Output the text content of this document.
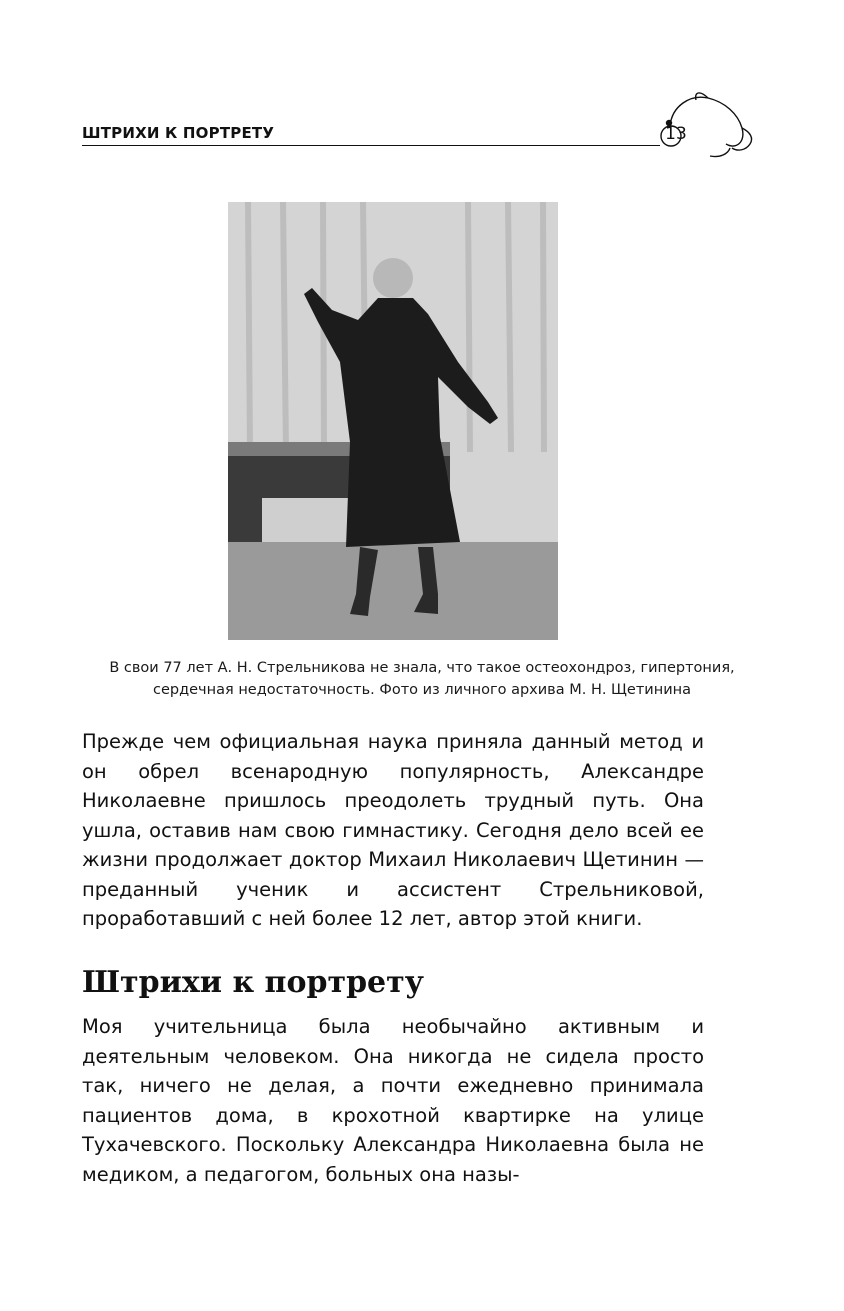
ШТРИХИ К ПОРТРЕТУ	13
В свои 77 лет А. Н. Стрельникова не знала, что такое остеохондроз, гипертония,
сердечная недостаточность. Фото из личного архива М. Н. Щетинина

Прежде чем официальная наука приняла данный метод и он обрел всенародную популярность, Александре Николаевне пришлось преодолеть трудный путь. Она ушла, оставив нам свою гимнастику. Сегодня дело всей ее жизни продолжает доктор Михаил Николаевич Щетинин — преданный ученик и ассистент Стрельниковой, проработавший с ней более 12 лет, автор этой книги.

Штрихи к портрету

Моя учительница была необычайно активным и деятельным человеком. Она никогда не сидела просто так, ничего не делая, а почти ежедневно принимала пациентов дома, в крохотной квартирке на улице Тухачевского. Поскольку Александра Николаевна была не медиком, а педагогом, больных она назы-
